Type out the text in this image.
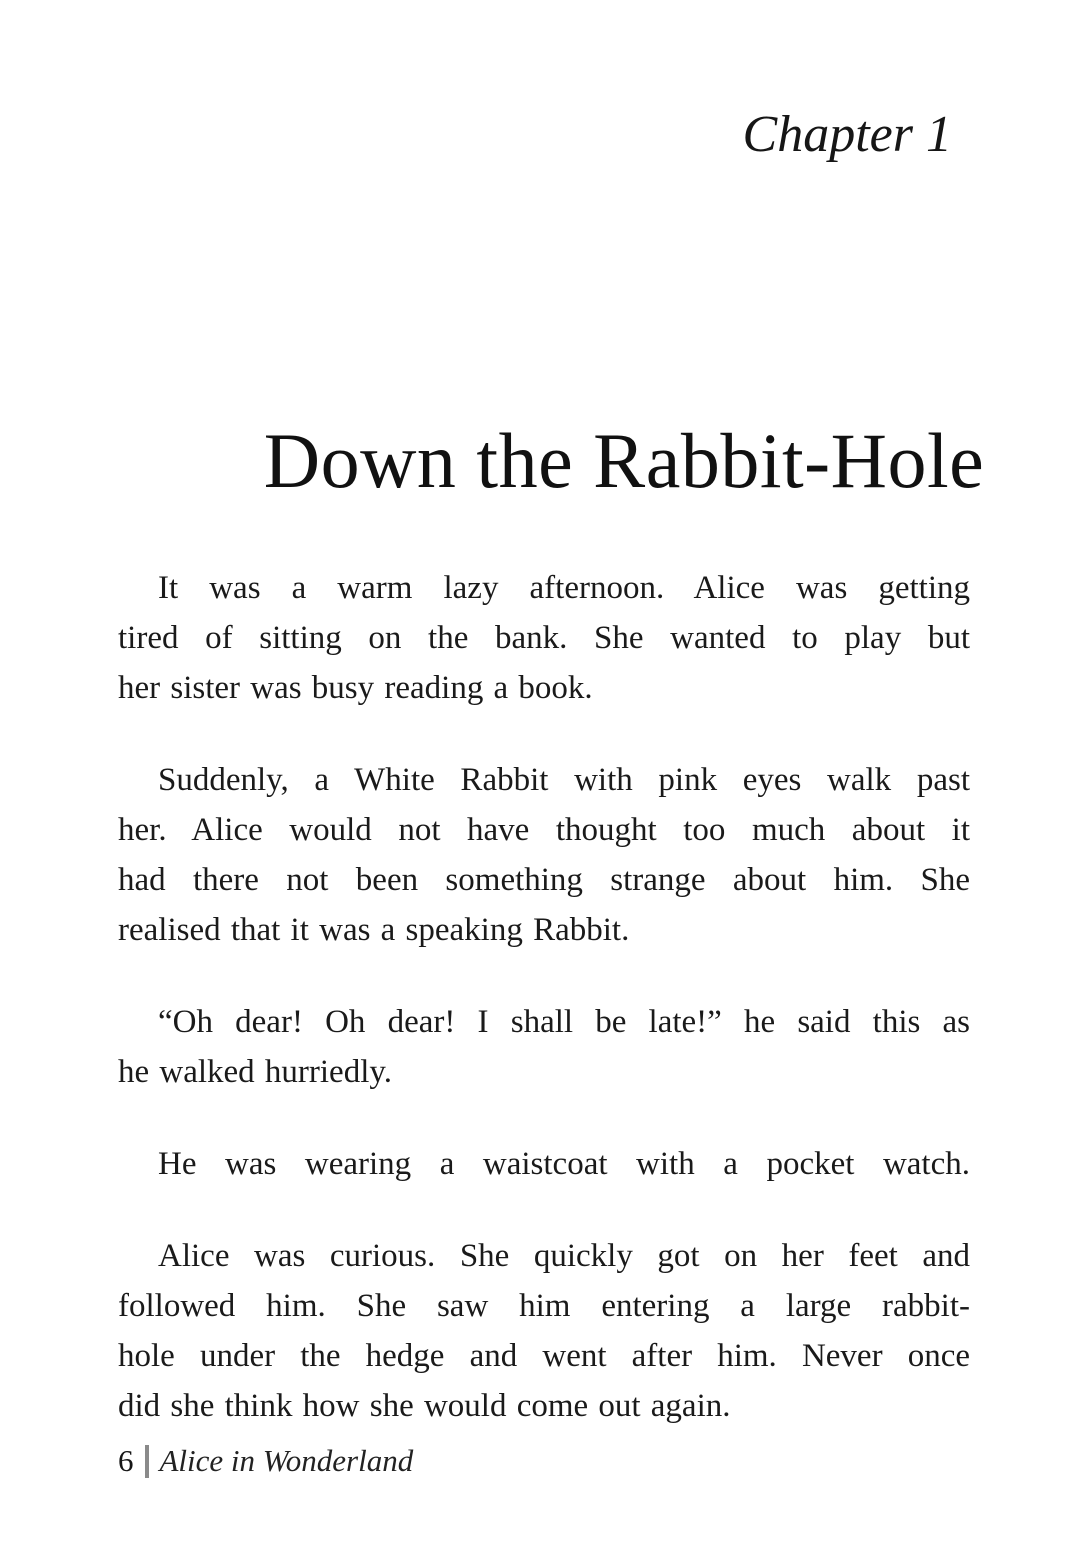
Chapter 1
Down the Rabbit-Hole
It was a warm lazy afternoon. Alice was getting
tired of sitting on the bank. She wanted to play but
her sister was busy reading a book.
Suddenly, a White Rabbit with pink eyes walk past
her. Alice would not have thought too much about it
had there not been something strange about him. She
realised that it was a speaking Rabbit.
“Oh dear! Oh dear! I shall be late!” he said this as
he walked hurriedly.
He was wearing a waistcoat with a pocket watch.
Alice was curious. She quickly got on her feet and
followed him. She saw him entering a large rabbit-
hole under the hedge and went after him. Never once
did she think how she would come out again.
6 Alice in Wonderland
